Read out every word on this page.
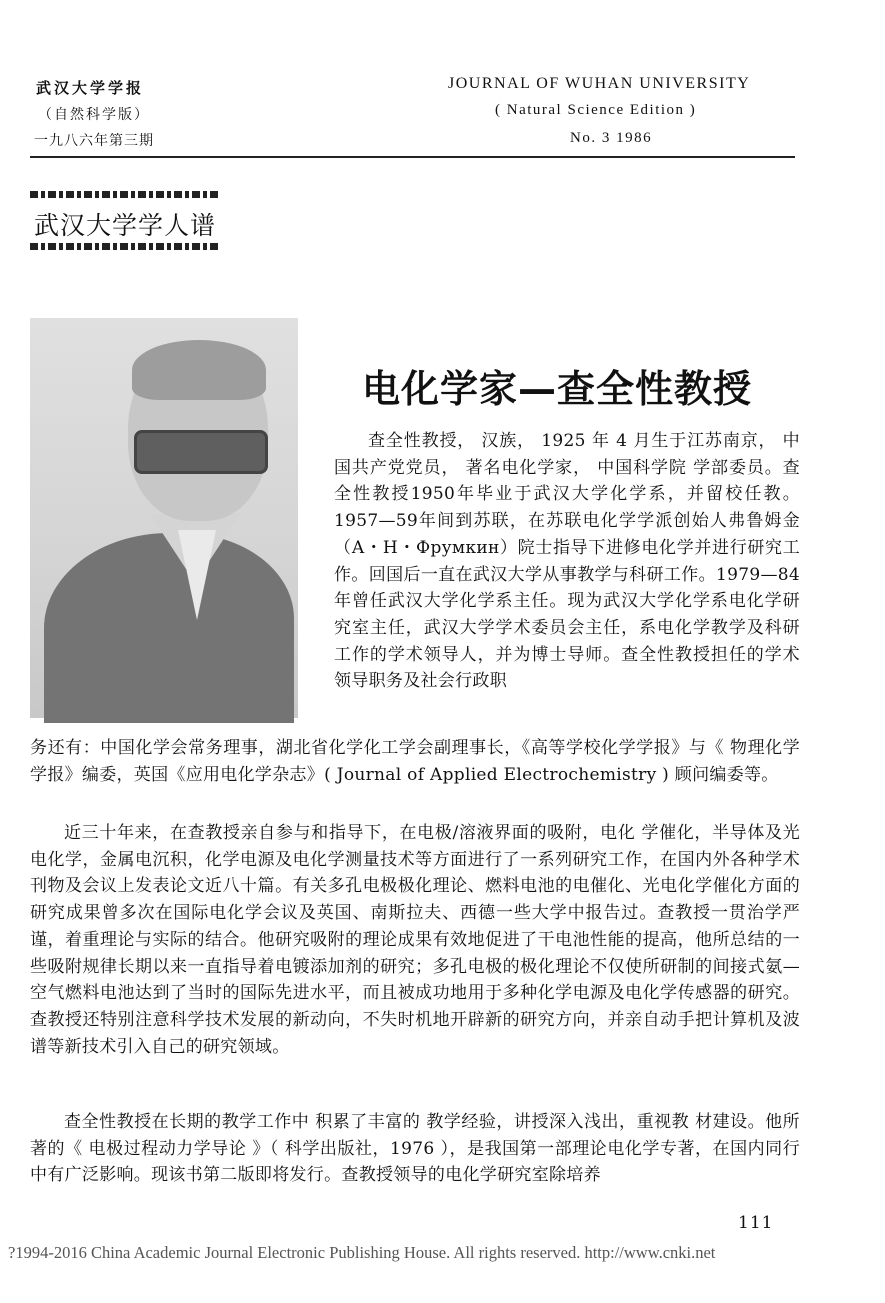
武汉大学学报
（自然科学版）
一九八六年第三期
JOURNAL OF WUHAN UNIVERSITY
( Natural Science Edition )
No. 3 1986
武汉大学学人谱
电化学家—查全性教授
查全性教授， 汉族， 1925 年 4 月生于江苏南京， 中国共产党党员， 著名电化学家， 中国科学院 学部委员。查全性教授1950年毕业于武汉大学化学系，并留校任教。1957—59年间到苏联，在苏联电化学学派创始人弗鲁姆金（А・Н・Фрумкин）院士指导下进修电化学并进行研究工作。回国后一直在武汉大学从事教学与科研工作。1979—84年曾任武汉大学化学系主任。现为武汉大学化学系电化学研究室主任，武汉大学学术委员会主任，系电化学教学及科研工作的学术领导人，并为博士导师。查全性教授担任的学术领导职务及社会行政职
务还有：中国化学会常务理事，湖北省化学化工学会副理事长，《高等学校化学学报》与《 物理化学学报》编委，英国《应用电化学杂志》( Journal of Applied Electrochemistry ) 顾问编委等。
近三十年来，在查教授亲自参与和指导下，在电极/溶液界面的吸附，电化 学催化，半导体及光电化学，金属电沉积，化学电源及电化学测量技术等方面进行了一系列研究工作，在国内外各种学术刊物及会议上发表论文近八十篇。有关多孔电极极化理论、燃料电池的电催化、光电化学催化方面的研究成果曾多次在国际电化学会议及英国、南斯拉夫、西德一些大学中报告过。查教授一贯治学严谨，着重理论与实际的结合。他研究吸附的理论成果有效地促进了干电池性能的提高，他所总结的一些吸附规律长期以来一直指导着电镀添加剂的研究；多孔电极的极化理论不仅使所研制的间接式氨—空气燃料电池达到了当时的国际先进水平，而且被成功地用于多种化学电源及电化学传感器的研究。查教授还特别注意科学技术发展的新动向，不失时机地开辟新的研究方向，并亲自动手把计算机及波谱等新技术引入自己的研究领域。
查全性教授在长期的教学工作中 积累了丰富的 教学经验，讲授深入浅出，重视教 材建设。他所著的《 电极过程动力学导论 》（ 科学出版社，1976 ），是我国第一部理论电化学专著，在国内同行中有广泛影响。现该书第二版即将发行。查教授领导的电化学研究室除培养
111
?1994-2016 China Academic Journal Electronic Publishing House. All rights reserved. http://www.cnki.net
